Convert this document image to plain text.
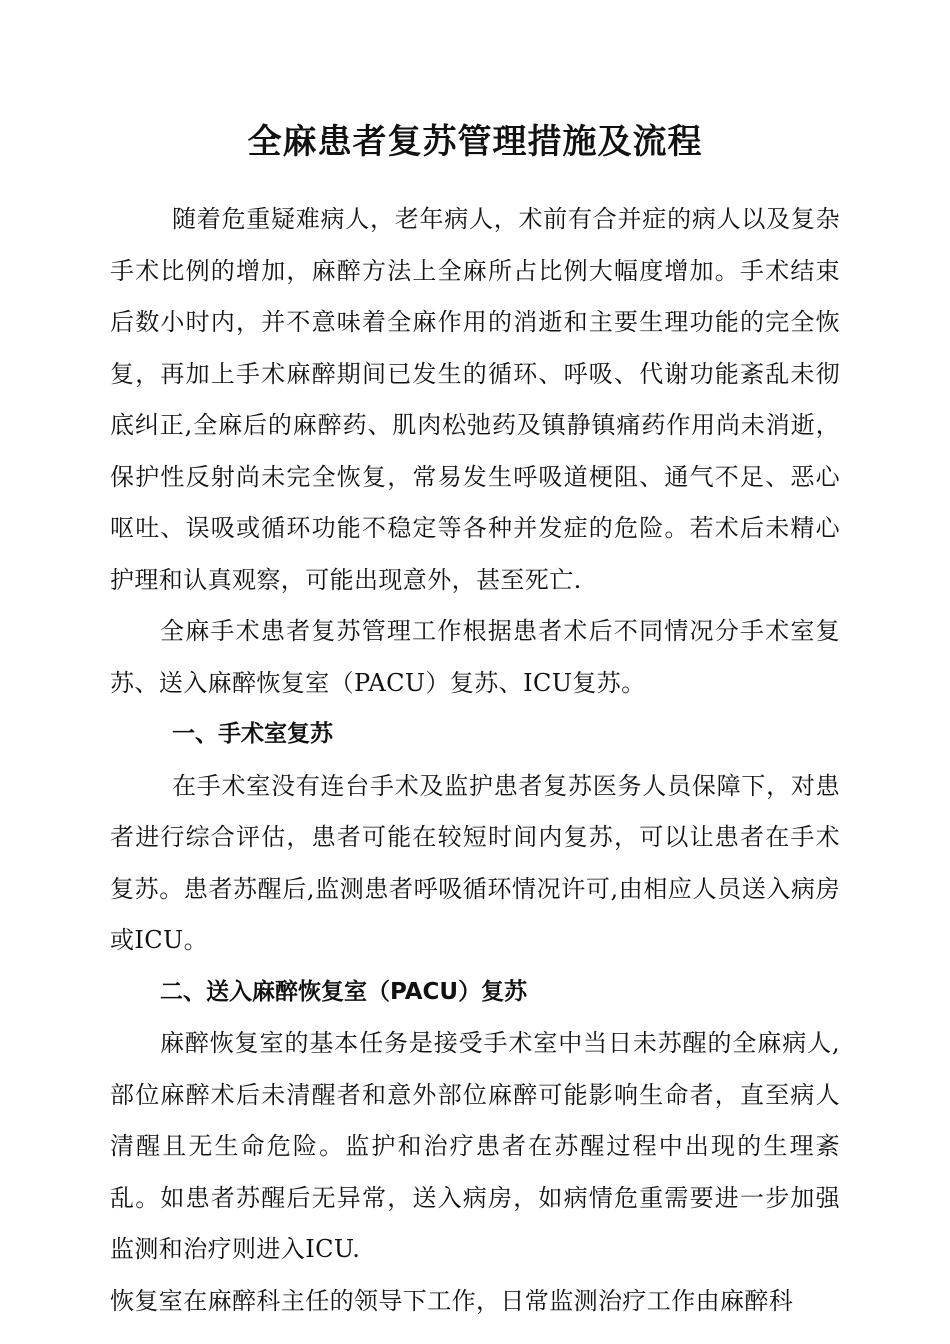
全麻患者复苏管理措施及流程

随着危重疑难病人，老年病人，术前有合并症的病人以及复杂手术比例的增加，麻醉方法上全麻所占比例大幅度增加。手术结束后数小时内，并不意味着全麻作用的消逝和主要生理功能的完全恢复，再加上手术麻醉期间已发生的循环、呼吸、代谢功能紊乱未彻底纠正,全麻后的麻醉药、肌肉松弛药及镇静镇痛药作用尚未消逝，保护性反射尚未完全恢复，常易发生呼吸道梗阻、通气不足、恶心呕吐、误吸或循环功能不稳定等各种并发症的危险。若术后未精心护理和认真观察，可能出现意外，甚至死亡.

全麻手术患者复苏管理工作根据患者术后不同情况分手术室复苏、送入麻醉恢复室（PACU）复苏、ICU复苏。

一、手术室复苏

在手术室没有连台手术及监护患者复苏医务人员保障下，对患者进行综合评估，患者可能在较短时间内复苏，可以让患者在手术复苏。患者苏醒后,监测患者呼吸循环情况许可,由相应人员送入病房或ICU。

二、送入麻醉恢复室（PACU）复苏

麻醉恢复室的基本任务是接受手术室中当日未苏醒的全麻病人,部位麻醉术后未清醒者和意外部位麻醉可能影响生命者，直至病人清醒且无生命危险。监护和治疗患者在苏醒过程中出现的生理紊乱。如患者苏醒后无异常，送入病房，如病情危重需要进一步加强监测和治疗则进入ICU.

恢复室在麻醉科主任的领导下工作，日常监测治疗工作由麻醉科
